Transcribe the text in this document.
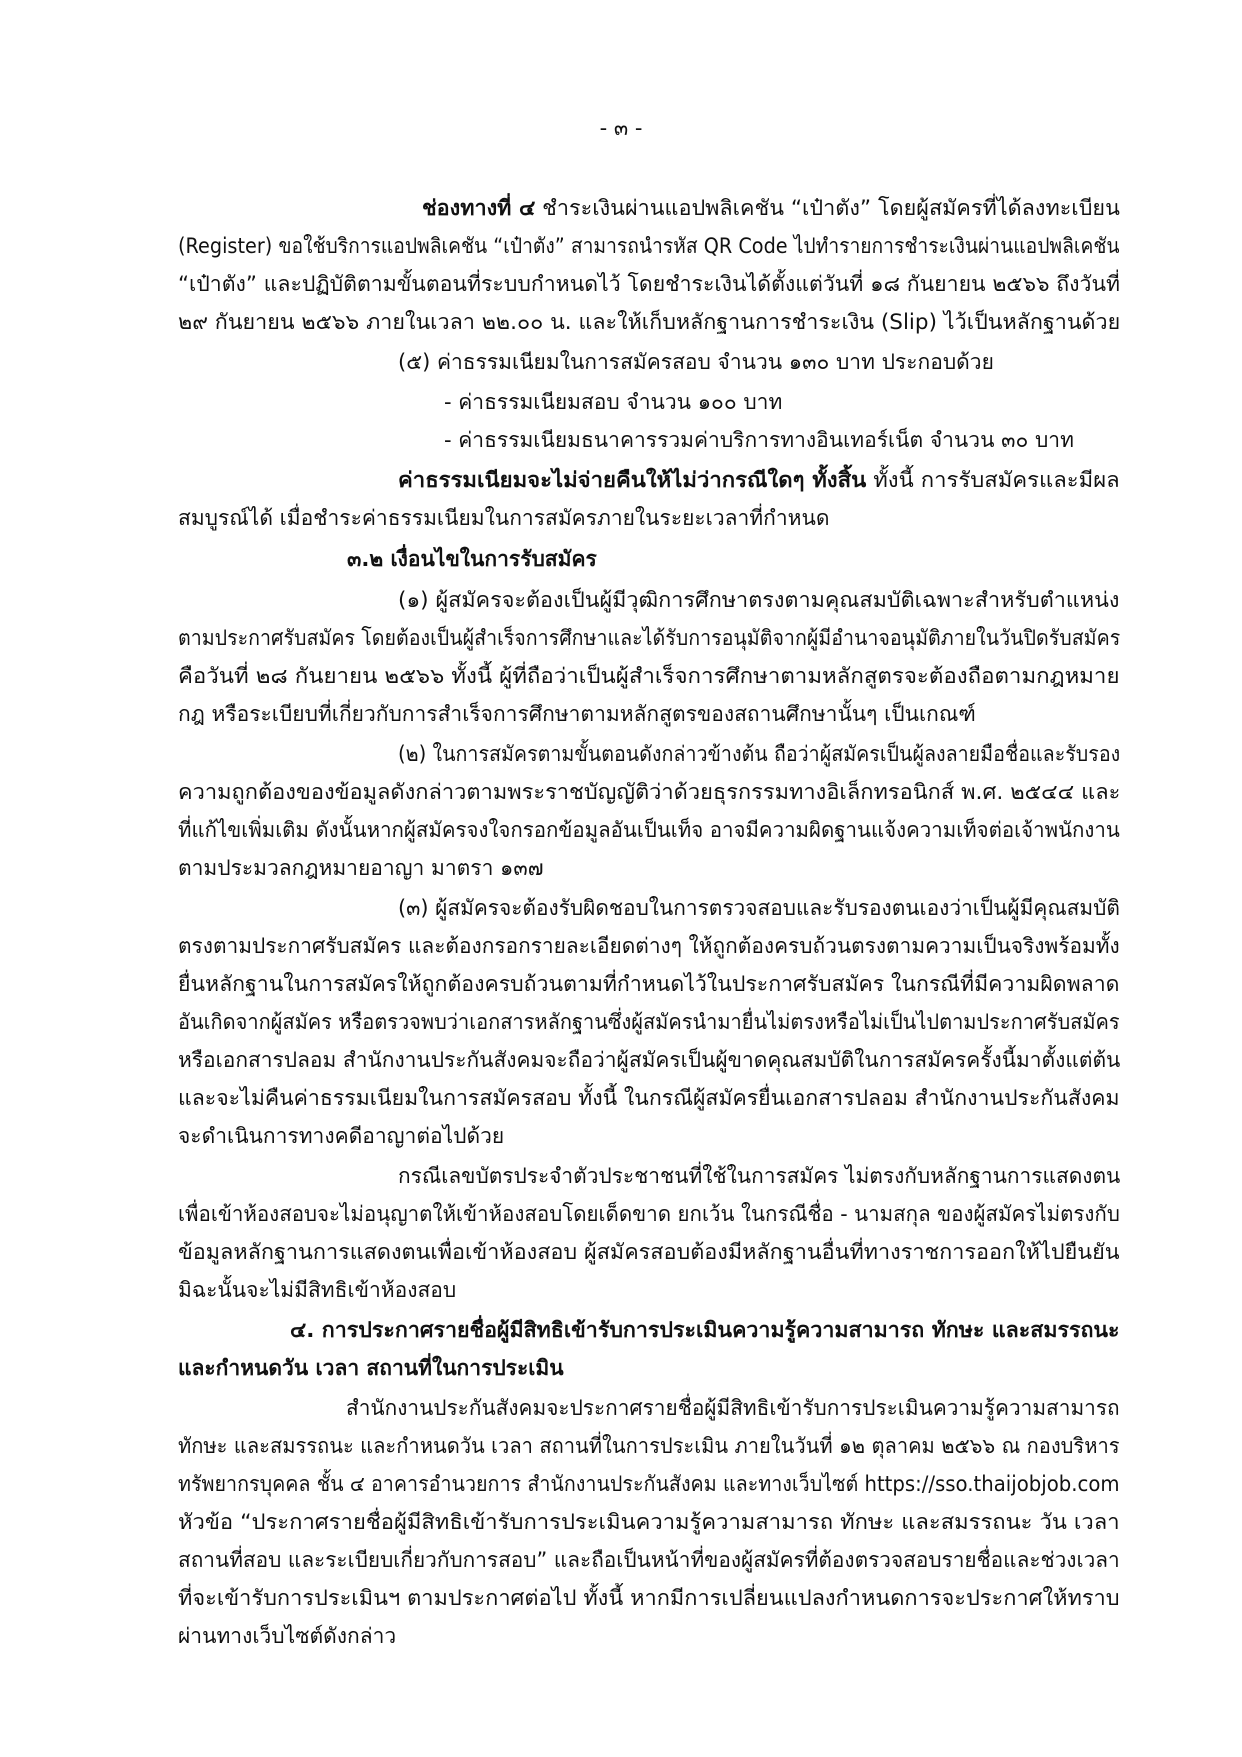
- ๓ -
ช่องทางที่ ๔ ชำระเงินผ่านแอปพลิเคชัน “เป๋าตัง” โดยผู้สมัครที่ได้ลงทะเบียน
(Register) ขอใช้บริการแอปพลิเคชัน “เป๋าตัง” สามารถนำรหัส QR Code ไปทำรายการชำระเงินผ่านแอปพลิเคชัน
“เป๋าตัง” และปฏิบัติตามขั้นตอนที่ระบบกำหนดไว้ โดยชำระเงินได้ตั้งแต่วันที่ ๑๘ กันยายน ๒๕๖๖ ถึงวันที่
๒๙ กันยายน ๒๕๖๖ ภายในเวลา ๒๒.๐๐ น. และให้เก็บหลักฐานการชำระเงิน (Slip) ไว้เป็นหลักฐานด้วย
(๕) ค่าธรรมเนียมในการสมัครสอบ จำนวน ๑๓๐ บาท ประกอบด้วย
- ค่าธรรมเนียมสอบ จำนวน ๑๐๐ บาท
- ค่าธรรมเนียมธนาคารรวมค่าบริการทางอินเทอร์เน็ต จำนวน ๓๐ บาท
ค่าธรรมเนียมจะไม่จ่ายคืนให้ไม่ว่ากรณีใดๆ ทั้งสิ้น ทั้งนี้ การรับสมัครและมีผล
สมบูรณ์ได้ เมื่อชำระค่าธรรมเนียมในการสมัครภายในระยะเวลาที่กำหนด
๓.๒ เงื่อนไขในการรับสมัคร
(๑) ผู้สมัครจะต้องเป็นผู้มีวุฒิการศึกษาตรงตามคุณสมบัติเฉพาะสำหรับตำแหน่ง
ตามประกาศรับสมัคร โดยต้องเป็นผู้สำเร็จการศึกษาและได้รับการอนุมัติจากผู้มีอำนาจอนุมัติภายในวันปิดรับสมัคร
คือวันที่ ๒๘ กันยายน ๒๕๖๖ ทั้งนี้ ผู้ที่ถือว่าเป็นผู้สำเร็จการศึกษาตามหลักสูตรจะต้องถือตามกฎหมาย
กฎ หรือระเบียบที่เกี่ยวกับการสำเร็จการศึกษาตามหลักสูตรของสถานศึกษานั้นๆ เป็นเกณฑ์
(๒) ในการสมัครตามขั้นตอนดังกล่าวข้างต้น ถือว่าผู้สมัครเป็นผู้ลงลายมือชื่อและรับรอง
ความถูกต้องของข้อมูลดังกล่าวตามพระราชบัญญัติว่าด้วยธุรกรรมทางอิเล็กทรอนิกส์ พ.ศ. ๒๕๔๔ และ
ที่แก้ไขเพิ่มเติม ดังนั้นหากผู้สมัครจงใจกรอกข้อมูลอันเป็นเท็จ อาจมีความผิดฐานแจ้งความเท็จต่อเจ้าพนักงาน
ตามประมวลกฎหมายอาญา มาตรา ๑๓๗
(๓) ผู้สมัครจะต้องรับผิดชอบในการตรวจสอบและรับรองตนเองว่าเป็นผู้มีคุณสมบัติ
ตรงตามประกาศรับสมัคร และต้องกรอกรายละเอียดต่างๆ ให้ถูกต้องครบถ้วนตรงตามความเป็นจริงพร้อมทั้ง
ยื่นหลักฐานในการสมัครให้ถูกต้องครบถ้วนตามที่กำหนดไว้ในประกาศรับสมัคร ในกรณีที่มีความผิดพลาด
อันเกิดจากผู้สมัคร หรือตรวจพบว่าเอกสารหลักฐานซึ่งผู้สมัครนำมายื่นไม่ตรงหรือไม่เป็นไปตามประกาศรับสมัคร
หรือเอกสารปลอม สำนักงานประกันสังคมจะถือว่าผู้สมัครเป็นผู้ขาดคุณสมบัติในการสมัครครั้งนี้มาตั้งแต่ต้น
และจะไม่คืนค่าธรรมเนียมในการสมัครสอบ ทั้งนี้ ในกรณีผู้สมัครยื่นเอกสารปลอม สำนักงานประกันสังคม
จะดำเนินการทางคดีอาญาต่อไปด้วย
กรณีเลขบัตรประจำตัวประชาชนที่ใช้ในการสมัคร ไม่ตรงกับหลักฐานการแสดงตน
เพื่อเข้าห้องสอบจะไม่อนุญาตให้เข้าห้องสอบโดยเด็ดขาด ยกเว้น ในกรณีชื่อ - นามสกุล ของผู้สมัครไม่ตรงกับ
ข้อมูลหลักฐานการแสดงตนเพื่อเข้าห้องสอบ ผู้สมัครสอบต้องมีหลักฐานอื่นที่ทางราชการออกให้ไปยืนยัน
มิฉะนั้นจะไม่มีสิทธิเข้าห้องสอบ
๔. การประกาศรายชื่อผู้มีสิทธิเข้ารับการประเมินความรู้ความสามารถ ทักษะ และสมรรถนะ
และกำหนดวัน เวลา สถานที่ในการประเมิน
สำนักงานประกันสังคมจะประกาศรายชื่อผู้มีสิทธิเข้ารับการประเมินความรู้ความสามารถ
ทักษะ และสมรรถนะ และกำหนดวัน เวลา สถานที่ในการประเมิน ภายในวันที่ ๑๒ ตุลาคม ๒๕๖๖ ณ กองบริหาร
ทรัพยากรบุคคล ชั้น ๔ อาคารอำนวยการ สำนักงานประกันสังคม และทางเว็บไซต์ https://sso.thaijobjob.com
หัวข้อ “ประกาศรายชื่อผู้มีสิทธิเข้ารับการประเมินความรู้ความสามารถ ทักษะ และสมรรถนะ วัน เวลา
สถานที่สอบ และระเบียบเกี่ยวกับการสอบ” และถือเป็นหน้าที่ของผู้สมัครที่ต้องตรวจสอบรายชื่อและช่วงเวลา
ที่จะเข้ารับการประเมินฯ ตามประกาศต่อไป ทั้งนี้ หากมีการเปลี่ยนแปลงกำหนดการจะประกาศให้ทราบ
ผ่านทางเว็บไซต์ดังกล่าว
